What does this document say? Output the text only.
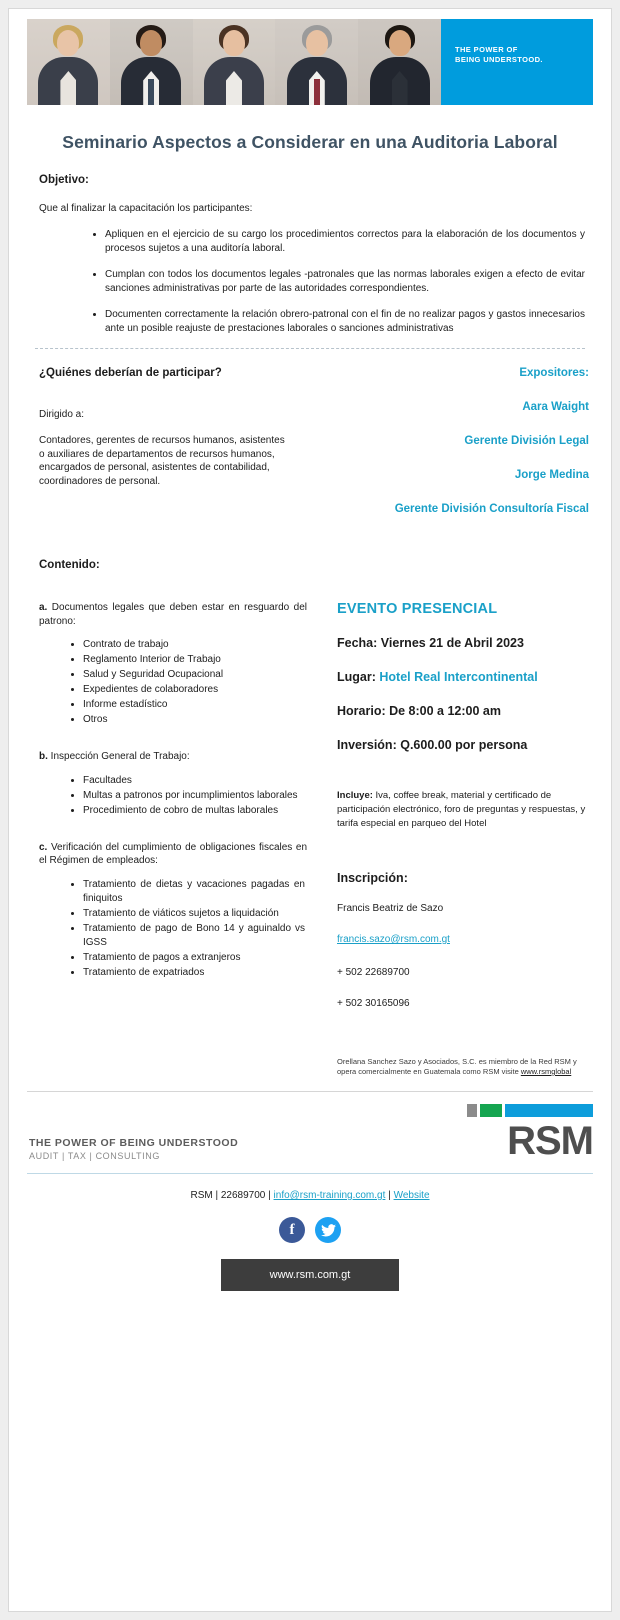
THE POWER OF
BEING UNDERSTOOD.
Seminario Aspectos a Considerar en una Auditoria Laboral
Objetivo:
Que al finalizar la capacitación los participantes:
• Apliquen en el ejercicio de su cargo los procedimientos correctos para la elaboración de los documentos y procesos sujetos a una auditoría laboral.
• Cumplan con todos los documentos legales -patronales que las normas laborales exigen a efecto de evitar sanciones administrativas por parte de las autoridades correspondientes.
• Documenten correctamente la relación obrero-patronal con el fin de no realizar pagos y gastos innecesarios ante un posible reajuste de prestaciones laborales o sanciones administrativas
¿Quiénes deberían de participar?
Dirigido a:
Contadores, gerentes de recursos humanos, asistentes o auxiliares de departamentos de recursos humanos, encargados de personal, asistentes de contabilidad, coordinadores de personal.
Expositores:
Aara Waight
Gerente División Legal
Jorge Medina
Gerente División Consultoría Fiscal
Contenido:
a. Documentos legales que deben estar en resguardo del patrono:
• Contrato de trabajo
• Reglamento Interior de Trabajo
• Salud y Seguridad Ocupacional
• Expedientes de colaboradores
• Informe estadístico
• Otros
b. Inspección General de Trabajo:
• Facultades
• Multas a patronos por incumplimientos laborales
• Procedimiento de cobro de multas laborales
c. Verificación del cumplimiento de obligaciones fiscales en el Régimen de empleados:
• Tratamiento de dietas y vacaciones pagadas en finiquitos
• Tratamiento de viáticos sujetos a liquidación
• Tratamiento de pago de Bono 14 y aguinaldo vs IGSS
• Tratamiento de pagos a extranjeros
• Tratamiento de expatriados
EVENTO PRESENCIAL
Fecha: Viernes 21 de Abril 2023
Lugar: Hotel Real Intercontinental
Horario: De 8:00 a 12:00 am
Inversión: Q.600.00 por persona
Incluye: Iva, coffee break, material y certificado de participación electrónico, foro de preguntas y respuestas, y tarifa especial en parqueo del Hotel
Inscripción:
Francis Beatriz de Sazo
francis.sazo@rsm.com.gt
+ 502 22689700
+ 502 30165096
Orellana Sanchez Sazo y Asociados, S.C. es miembro de la Red RSM y opera comercialmente en Guatemala como RSM visite www.rsmglobal
THE POWER OF BEING UNDERSTOOD
AUDIT | TAX | CONSULTING	RSM
RSM | 22689700 | info@rsm-training.com.gt | Website
f
www.rsm.com.gt
